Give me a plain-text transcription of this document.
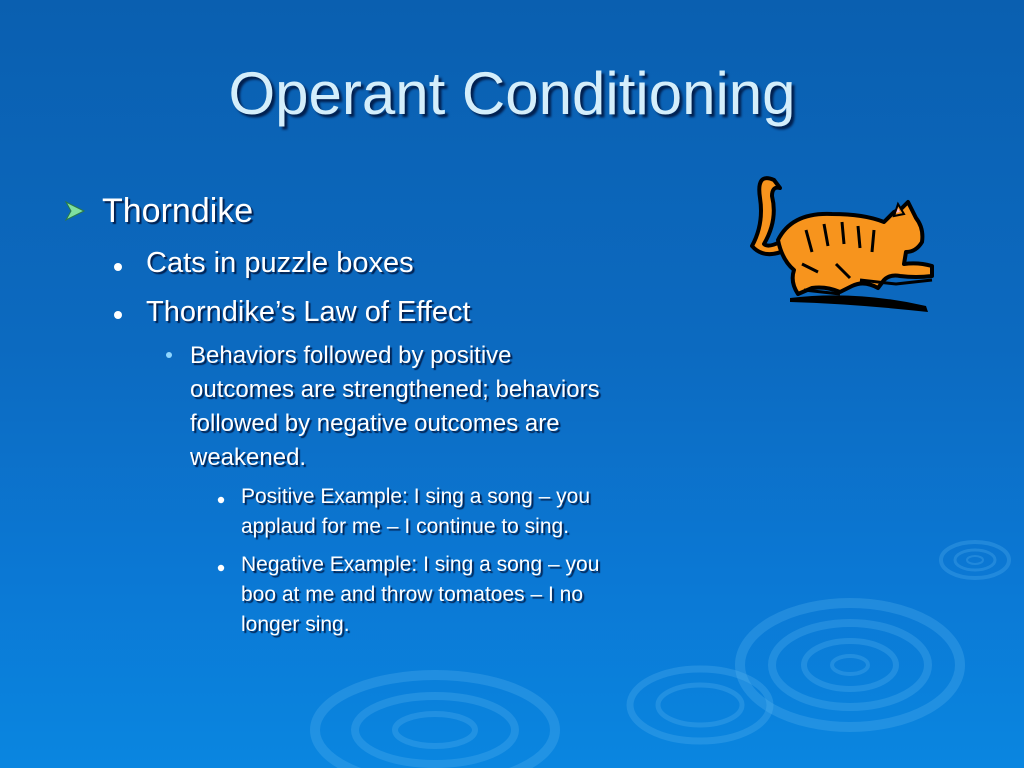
Operant Conditioning
Thorndike
Cats in puzzle boxes
Thorndike’s Law of Effect
Behaviors followed by positive
outcomes are strengthened; behaviors
followed by negative outcomes are
weakened.
Positive Example: I sing a song – you
applaud for me – I continue to sing.
Negative Example: I sing a song – you
boo at me and throw tomatoes – I no
longer sing.
